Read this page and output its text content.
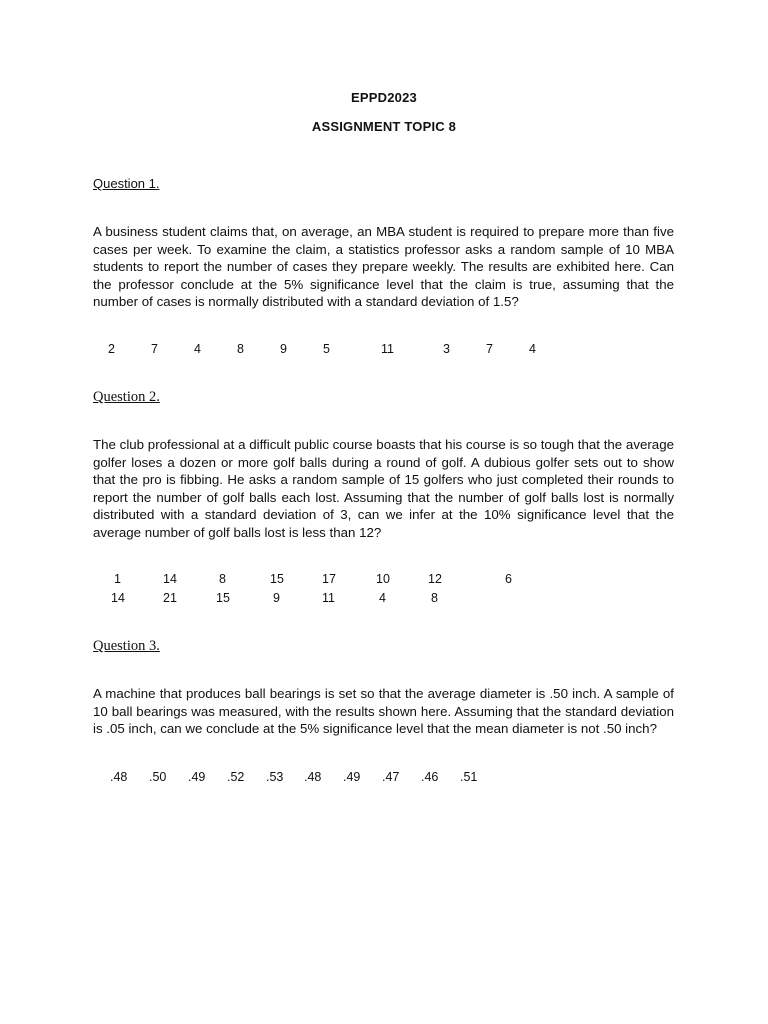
EPPD2023
ASSIGNMENT TOPIC 8
Question 1.

A business student claims that, on average, an MBA student is required to prepare more than five cases per week. To examine the claim, a statistics professor asks a random sample of 10 MBA students to report the number of cases they prepare weekly. The results are exhibited here. Can the professor conclude at the 5% significance level that the claim is true, assuming that the number of cases is normally distributed with a standard deviation of 1.5?

2	7	4	8	9	5	11	3	7	4
Question 2.

The club professional at a difficult public course boasts that his course is so tough that the average golfer loses a dozen or more golf balls during a round of golf. A dubious golfer sets out to show that the pro is fibbing. He asks a random sample of 15 golfers who just completed their rounds to report the number of golf balls each lost. Assuming that the number of golf balls lost is normally distributed with a standard deviation of 3, can we infer at the 10% significance level that the average number of golf balls lost is less than 12?

1	14	8	15	17	10	12	6
14	21	15	9	11	4	8
Question 3.

A machine that produces ball bearings is set so that the average diameter is .50 inch. A sample of 10 ball bearings was measured, with the results shown here. Assuming that the standard deviation is .05 inch, can we conclude at the 5% significance level that the mean diameter is not .50 inch?

.48 .50 .49 .52 .53 .48 .49 .47 .46 .51
